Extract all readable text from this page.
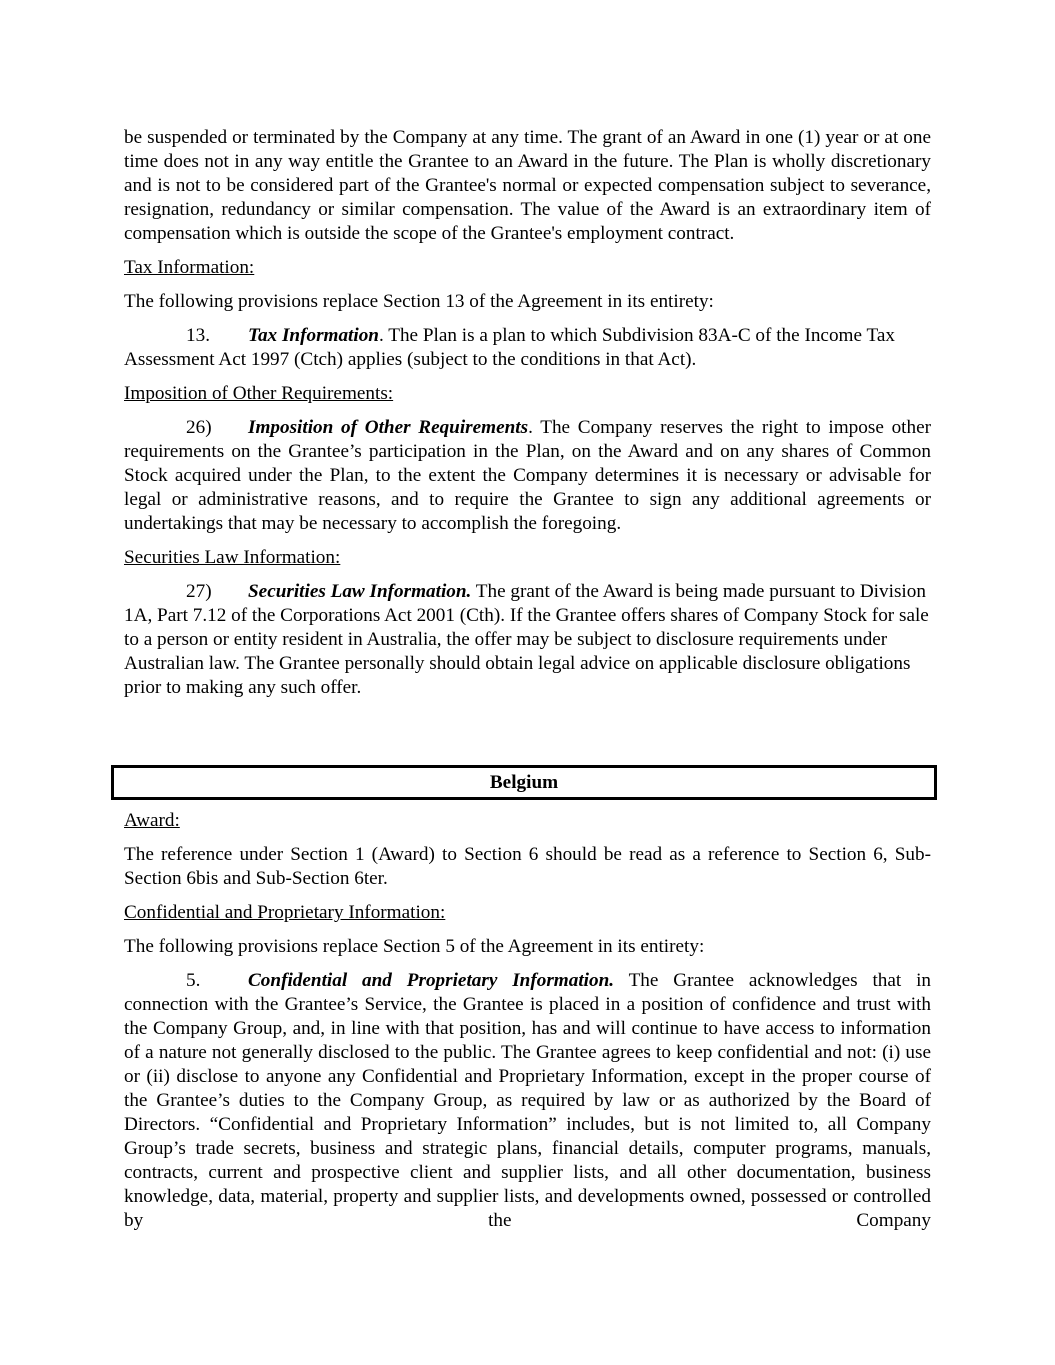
be suspended or terminated by the Company at any time. The grant of an Award in one (1) year or at one time does not in any way entitle the Grantee to an Award in the future. The Plan is wholly discretionary and is not to be considered part of the Grantee's normal or expected compensation subject to severance, resignation, redundancy or similar compensation. The value of the Award is an extraordinary item of compensation which is outside the scope of the Grantee's employment contract.

Tax Information:

The following provisions replace Section 13 of the Agreement in its entirety:

13. Tax Information. The Plan is a plan to which Subdivision 83A-C of the Income Tax Assessment Act 1997 (Ctch) applies (subject to the conditions in that Act).

Imposition of Other Requirements:

26) Imposition of Other Requirements. The Company reserves the right to impose other requirements on the Grantee’s participation in the Plan, on the Award and on any shares of Common Stock acquired under the Plan, to the extent the Company determines it is necessary or advisable for legal or administrative reasons, and to require the Grantee to sign any additional agreements or undertakings that may be necessary to accomplish the foregoing.

Securities Law Information:

27) Securities Law Information. The grant of the Award is being made pursuant to Division 1A, Part 7.12 of the Corporations Act 2001 (Cth). If the Grantee offers shares of Company Stock for sale to a person or entity resident in Australia, the offer may be subject to disclosure requirements under Australian law. The Grantee personally should obtain legal advice on applicable disclosure obligations prior to making any such offer.

Belgium

Award:

The reference under Section 1 (Award) to Section 6 should be read as a reference to Section 6, Sub-Section 6bis and Sub-Section 6ter.

Confidential and Proprietary Information:

The following provisions replace Section 5 of the Agreement in its entirety:

5. Confidential and Proprietary Information. The Grantee acknowledges that in connection with the Grantee’s Service, the Grantee is placed in a position of confidence and trust with the Company Group, and, in line with that position, has and will continue to have access to information of a nature not generally disclosed to the public. The Grantee agrees to keep confidential and not: (i) use or (ii) disclose to anyone any Confidential and Proprietary Information, except in the proper course of the Grantee’s duties to the Company Group, as required by law or as authorized by the Board of Directors. “Confidential and Proprietary Information” includes, but is not limited to, all Company Group’s trade secrets, business and strategic plans, financial details, computer programs, manuals, contracts, current and prospective client and supplier lists, and all other documentation, business knowledge, data, material, property and supplier lists, and developments owned, possessed or controlled by the Company
